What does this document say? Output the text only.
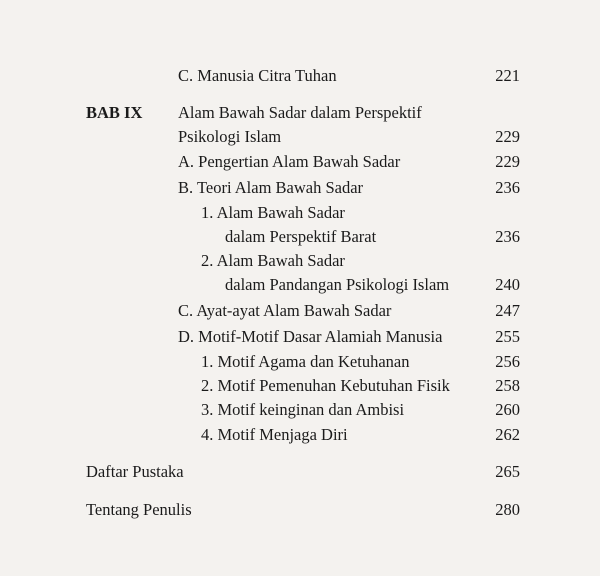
C. Manusia Citra Tuhan	221
BAB IX Alam Bawah Sadar dalam Perspektif
Psikologi Islam	229
A. Pengertian Alam Bawah Sadar	229
B. Teori Alam Bawah Sadar	236
1. Alam Bawah Sadar
dalam Perspektif Barat	236
2. Alam Bawah Sadar
dalam Pandangan Psikologi Islam	240
C. Ayat-ayat Alam Bawah Sadar	247
D. Motif-Motif Dasar Alamiah Manusia	255
1. Motif Agama dan Ketuhanan	256
2. Motif Pemenuhan Kebutuhan Fisik	258
3. Motif keinginan dan Ambisi	260
4. Motif Menjaga Diri	262
Daftar Pustaka	265
Tentang Penulis	280
